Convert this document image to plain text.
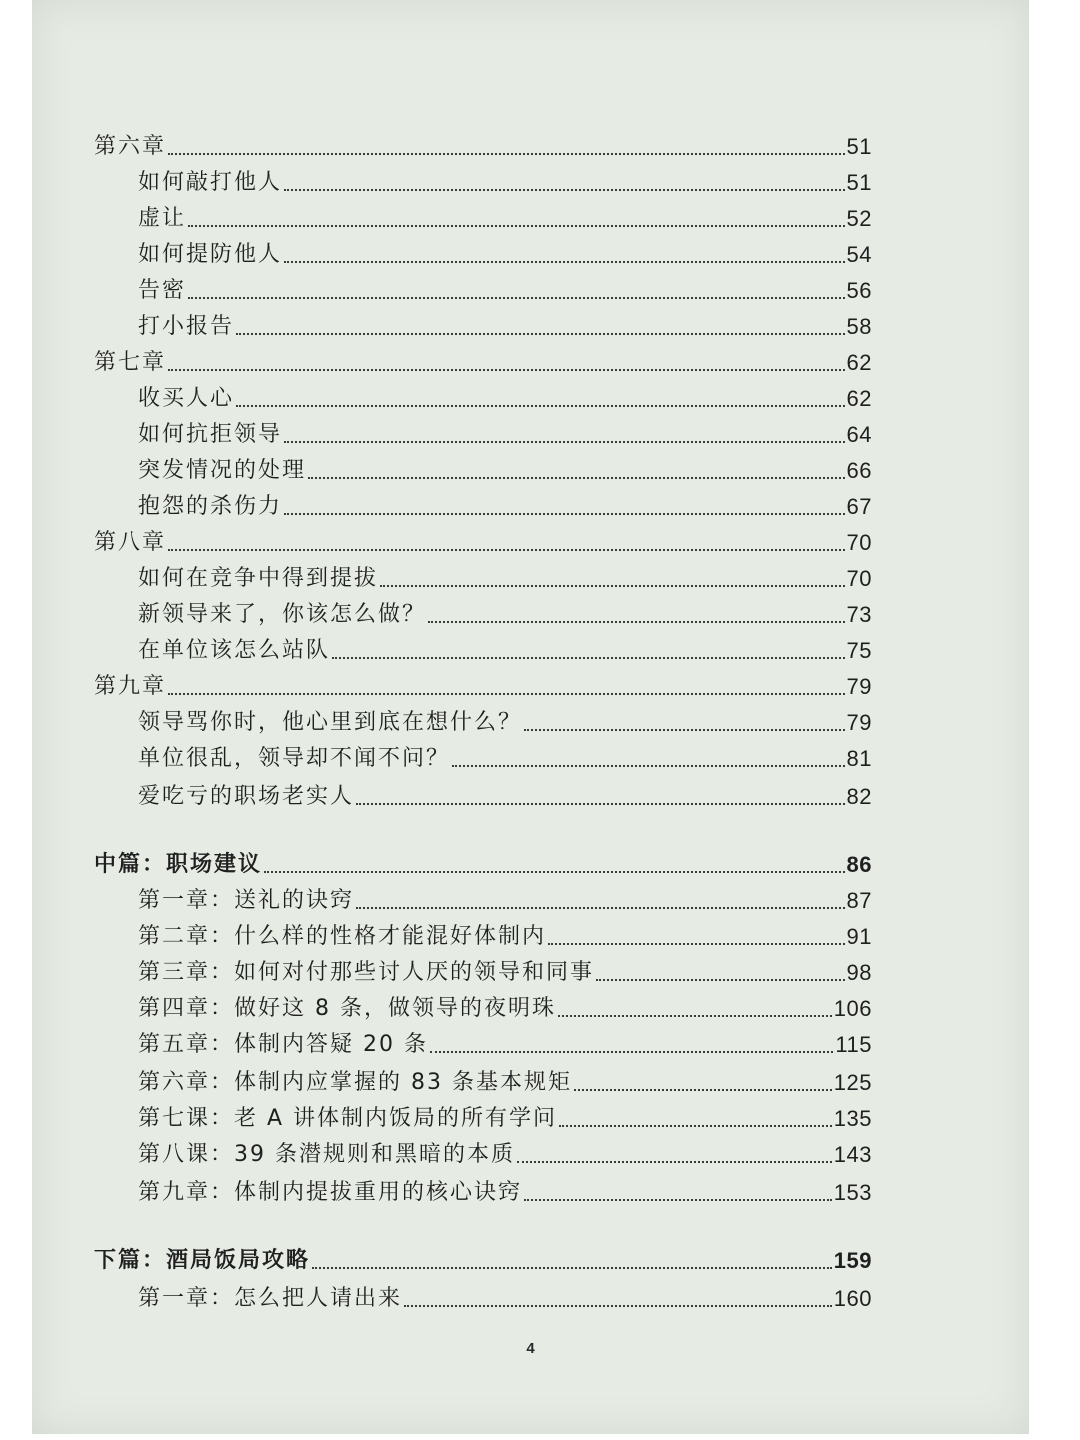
第六章	51
如何敲打他人	51
虚让	52
如何提防他人	54
告密	56
打小报告	58
第七章	62
收买人心	62
如何抗拒领导	64
突发情况的处理	66
抱怨的杀伤力	67
第八章	70
如何在竞争中得到提拔	70
新领导来了，你该怎么做？	73
在单位该怎么站队	75
第九章	79
领导骂你时，他心里到底在想什么？	79
单位很乱，领导却不闻不问？	81
爱吃亏的职场老实人	82
中篇：职场建议	86
第一章：送礼的诀窍	87
第二章：什么样的性格才能混好体制内	91
第三章：如何对付那些讨人厌的领导和同事	98
第四章：做好这 8 条，做领导的夜明珠	106
第五章：体制内答疑 20 条	115
第六章：体制内应掌握的 83 条基本规矩	125
第七课：老 A 讲体制内饭局的所有学问	135
第八课：39 条潜规则和黑暗的本质	143
第九章：体制内提拔重用的核心诀窍	153
下篇：酒局饭局攻略	159
第一章：怎么把人请出来	160
4
